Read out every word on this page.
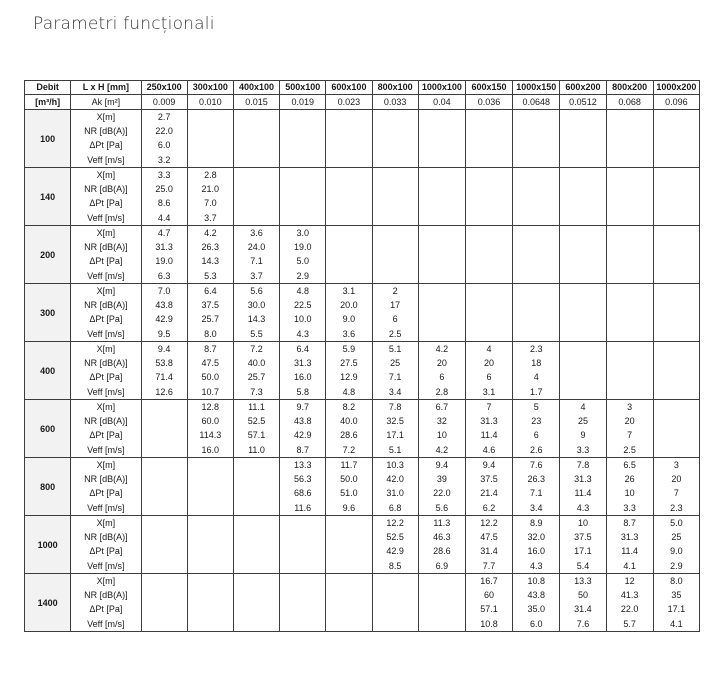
Parametri funcționali
Debit	L x H [mm]	250x100	300x100	400x100	500x100	600x100	800x100	1000x100	600x150	1000x150	600x200	800x200	1000x200
[m³/h]	Ak [m²]	0.009	0.010	0.015	0.019	0.023	0.033	0.04	0.036	0.0648	0.0512	0.068	0.096
100	X[m]	2.7											
	NR [dB(A)]	22.0											
	ΔPt [Pa]	6.0											
	Veff [m/s]	3.2											
140	X[m]	3.3	2.8										
	NR [dB(A)]	25.0	21.0										
	ΔPt [Pa]	8.6	7.0										
	Veff [m/s]	4.4	3.7										
200	X[m]	4.7	4.2	3.6	3.0								
	NR [dB(A)]	31.3	26.3	24.0	19.0								
	ΔPt [Pa]	19.0	14.3	7.1	5.0								
	Veff [m/s]	6.3	5.3	3.7	2.9								
300	X[m]	7.0	6.4	5.6	4.8	3.1	2						
	NR [dB(A)]	43.8	37.5	30.0	22.5	20.0	17						
	ΔPt [Pa]	42.9	25.7	14.3	10.0	9.0	6						
	Veff [m/s]	9.5	8.0	5.5	4.3	3.6	2.5						
400	X[m]	9.4	8.7	7.2	6.4	5.9	5.1	4.2	4	2.3			
	NR [dB(A)]	53.8	47.5	40.0	31.3	27.5	25	20	20	18			
	ΔPt [Pa]	71.4	50.0	25.7	16.0	12.9	7.1	6	6	4			
	Veff [m/s]	12.6	10.7	7.3	5.8	4.8	3.4	2.8	3.1	1.7			
600	X[m]		12.8	11.1	9.7	8.2	7.8	6.7	7	5	4	3	
	NR [dB(A)]		60.0	52.5	43.8	40.0	32.5	32	31.3	23	25	20	
	ΔPt [Pa]		114.3	57.1	42.9	28.6	17.1	10	11.4	6	9	7	
	Veff [m/s]		16.0	11.0	8.7	7.2	5.1	4.2	4.6	2.6	3.3	2.5	
800	X[m]				13.3	11.7	10.3	9.4	9.4	7.6	7.8	6.5	3
	NR [dB(A)]				56.3	50.0	42.0	39	37.5	26.3	31.3	26	20
	ΔPt [Pa]				68.6	51.0	31.0	22.0	21.4	7.1	11.4	10	7
	Veff [m/s]				11.6	9.6	6.8	5.6	6.2	3.4	4.3	3.3	2.3
1000	X[m]						12.2	11.3	12.2	8.9	10	8.7	5.0
	NR [dB(A)]						52.5	46.3	47.5	32.0	37.5	31.3	25
	ΔPt [Pa]						42.9	28.6	31.4	16.0	17.1	11.4	9.0
	Veff [m/s]						8.5	6.9	7.7	4.3	5.4	4.1	2.9
1400	X[m]								16.7	10.8	13.3	12	8.0
	NR [dB(A)]								60	43.8	50	41.3	35
	ΔPt [Pa]								57.1	35.0	31.4	22.0	17.1
	Veff [m/s]								10.8	6.0	7.6	5.7	4.1
